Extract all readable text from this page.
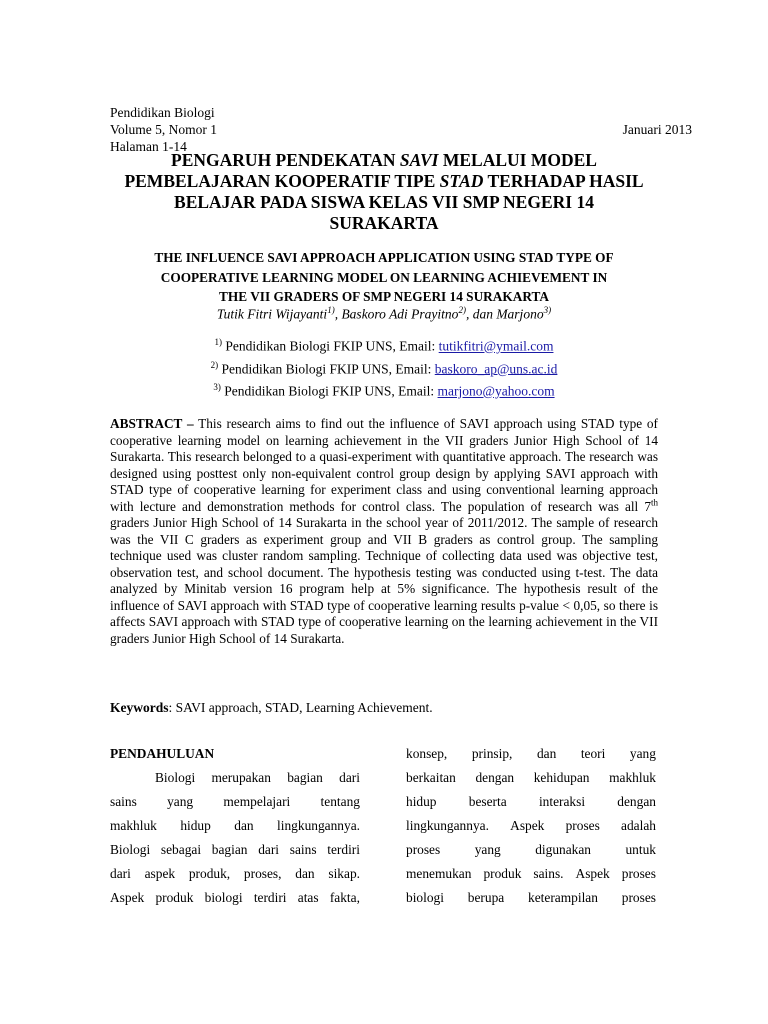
Pendidikan Biologi
Volume 5, Nomor 1	Januari 2013
Halaman 1-14
PENGARUH PENDEKATAN SAVI MELALUI MODEL
PEMBELAJARAN KOOPERATIF TIPE STAD TERHADAP HASIL
BELAJAR PADA SISWA KELAS VII SMP NEGERI 14
SURAKARTA
THE INFLUENCE SAVI APPROACH APPLICATION USING STAD TYPE OF
COOPERATIVE LEARNING MODEL ON LEARNING ACHIEVEMENT IN
THE VII GRADERS OF SMP NEGERI 14 SURAKARTA
Tutik Fitri Wijayanti$^{1)}$, Baskoro Adi Prayitno$^{2)}$, dan Marjono$^{3)}$
$^{1)}$ Pendidikan Biologi FKIP UNS, Email: tutikfitri@ymail.com
$^{2)}$ Pendidikan Biologi FKIP UNS, Email: baskoro_ap@uns.ac.id
$^{3)}$ Pendidikan Biologi FKIP UNS, Email: marjono@yahoo.com
ABSTRACT – This research aims to find out the influence of SAVI approach using STAD type of cooperative learning model on learning achievement in the VII graders Junior High School of 14 Surakarta. This research belonged to a quasi-experiment with quantitative approach. The research was designed using posttest only non-equivalent control group design by applying SAVI approach with STAD type of cooperative learning for experiment class and using conventional learning approach with lecture and demonstration methods for control class. The population of research was all 7th graders Junior High School of 14 Surakarta in the school year of 2011/2012. The sample of research was the VII C graders as experiment group and VII B graders as control group. The sampling technique used was cluster random sampling. Technique of collecting data used was objective test, observation test, and school document. The hypothesis testing was conducted using t-test. The data analyzed by Minitab version 16 program help at 5% significance. The hypothesis result of the influence of SAVI approach with STAD type of cooperative learning results p-value < 0,05, so there is affects SAVI approach with STAD type of cooperative learning on the learning achievement in the VII graders Junior High School of 14 Surakarta.
Keywords: SAVI approach, STAD, Learning Achievement.
PENDAHULUAN
Biologi merupakan bagian dari
sains yang mempelajari tentang
makhluk hidup dan lingkungannya.
Biologi sebagai bagian dari sains terdiri
dari aspek produk, proses, dan sikap.
Aspek produk biologi terdiri atas fakta,
konsep, prinsip, dan teori yang
berkaitan dengan kehidupan makhluk
hidup beserta interaksi dengan
lingkungannya. Aspek proses adalah
proses	yang	digunakan	untuk
menemukan produk sains. Aspek proses
biologi berupa keterampilan proses
